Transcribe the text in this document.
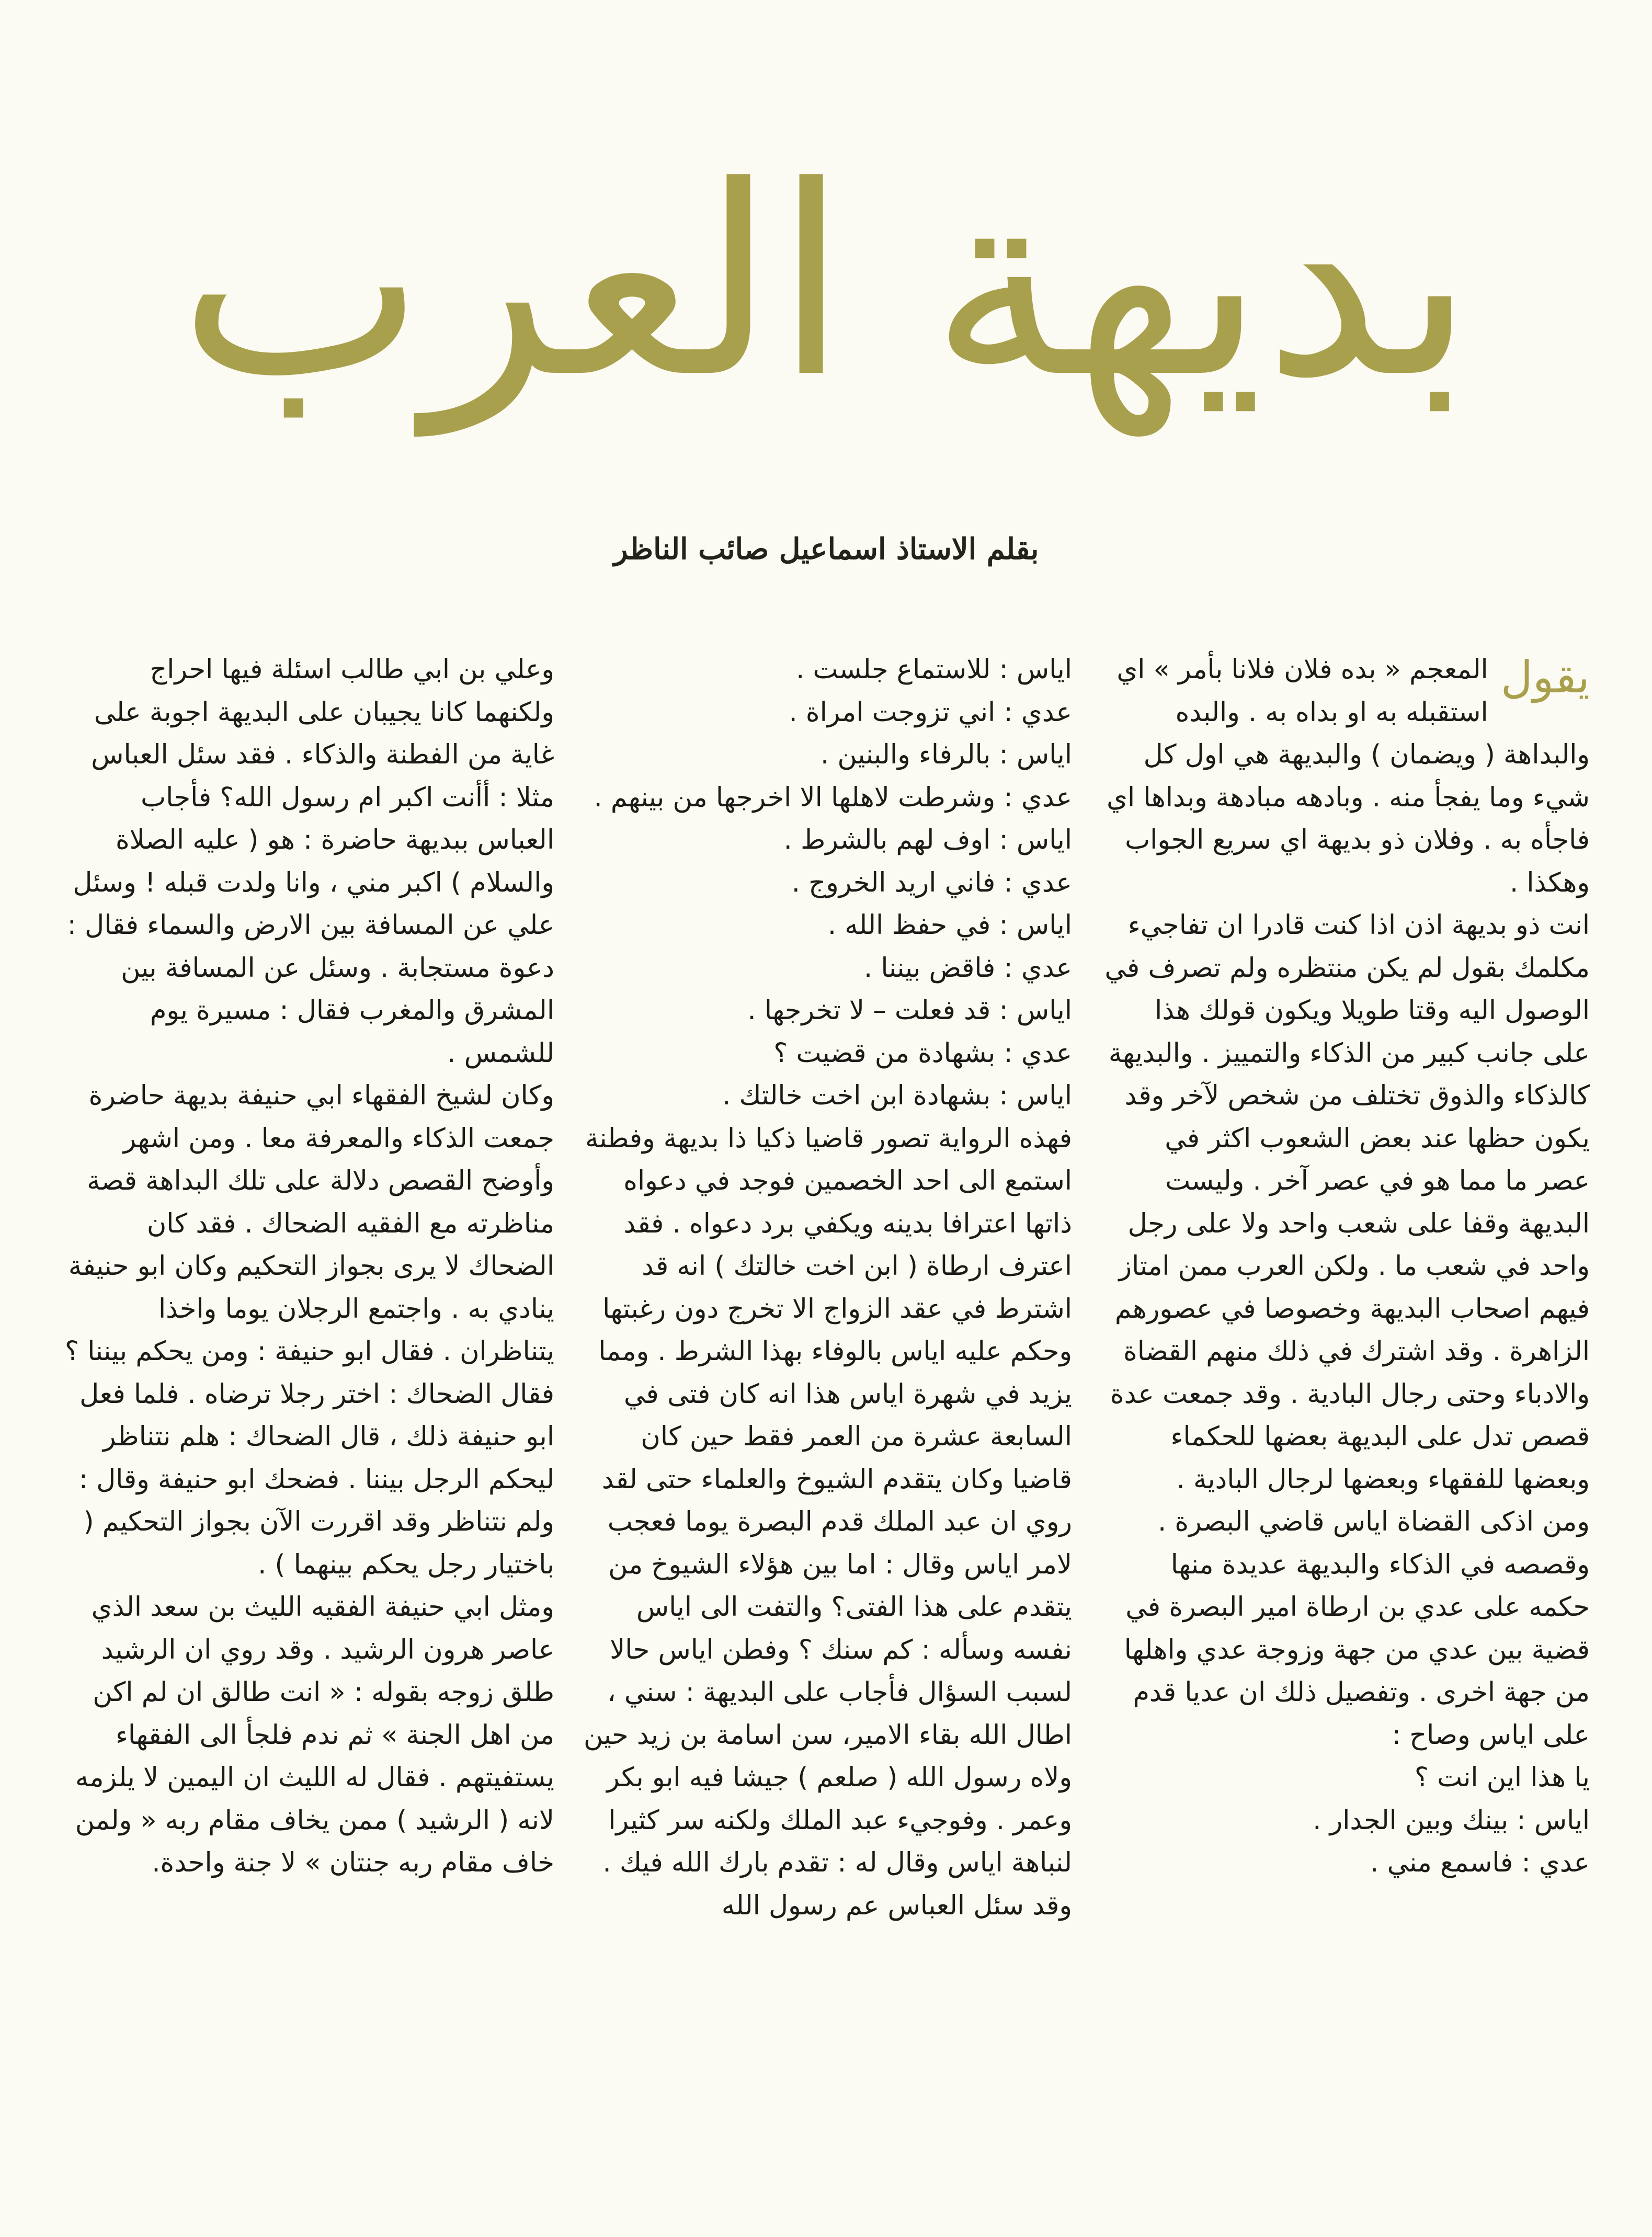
بديهة العرب
بقلم الاستاذ اسماعيل صائب الناظر
يقول

المعجم « بده فلان فلانا بأمر » اي استقبله به او بداه به . والبده والبداهة ( ويضمان ) والبديهة هي اول كل شيء وما يفجأ منه . وبادهه مبادهة وبداها اي فاجأه به . وفلان ذو بديهة اي سريع الجواب وهكذا .

انت ذو بديهة اذن اذا كنت قادرا ان تفاجيء مكلمك بقول لم يكن منتظره ولم تصرف في الوصول اليه وقتا طويلا ويكون قولك هذا على جانب كبير من الذكاء والتمييز . والبديهة كالذكاء والذوق تختلف من شخص لآخر وقد يكون حظها عند بعض الشعوب اكثر في عصر ما مما هو في عصر آخر . وليست البديهة وقفا على شعب واحد ولا على رجل واحد في شعب ما . ولكن العرب ممن امتاز فيهم اصحاب البديهة وخصوصا في عصورهم الزاهرة . وقد اشترك في ذلك منهم القضاة والادباء وحتى رجال البادية . وقد جمعت عدة قصص تدل على البديهة بعضها للحكماء وبعضها للفقهاء وبعضها لرجال البادية .

ومن اذكى القضاة اياس قاضي البصرة . وقصصه في الذكاء والبديهة عديدة منها حكمه على عدي بن ارطاة امير البصرة في قضية بين عدي من جهة وزوجة عدي واهلها من جهة اخرى . وتفصيل ذلك ان عديا قدم على اياس وصاح :

يا هذا اين انت ؟

اياس : بينك وبين الجدار .

عدي : فاسمع مني .

اياس : للاستماع جلست .

عدي : اني تزوجت امراة .

اياس : بالرفاء والبنين .

عدي : وشرطت لاهلها الا اخرجها من بينهم .

اياس : اوف لهم بالشرط .

عدي : فاني اريد الخروج .

اياس : في حفظ الله .

عدي : فاقض بيننا .

اياس : قد فعلت – لا تخرجها .

عدي : بشهادة من قضيت ؟

اياس : بشهادة ابن اخت خالتك .

فهذه الرواية تصور قاضيا ذكيا ذا بديهة وفطنة استمع الى احد الخصمين فوجد في دعواه ذاتها اعترافا بدينه ويكفي برد دعواه . فقد اعترف ارطاة ( ابن اخت خالتك ) انه قد اشترط في عقد الزواج الا تخرج دون رغبتها وحكم عليه اياس بالوفاء بهذا الشرط . ومما يزيد في شهرة اياس هذا انه كان فتى في السابعة عشرة من العمر فقط حين كان قاضيا وكان يتقدم الشيوخ والعلماء حتى لقد روي ان عبد الملك قدم البصرة يوما فعجب لامر اياس وقال : اما بين هؤلاء الشيوخ من يتقدم على هذا الفتى؟ والتفت الى اياس نفسه وسأله : كم سنك ؟ وفطن اياس حالا لسبب السؤال فأجاب على البديهة : سني ، اطال الله بقاء الامير، سن اسامة بن زيد حين ولاه رسول الله ( صلعم ) جيشا فيه ابو بكر وعمر . وفوجيء عبد الملك ولكنه سر كثيرا لنباهة اياس وقال له : تقدم بارك الله فيك .

وقد سئل العباس عم رسول الله

وعلي بن ابي طالب اسئلة فيها احراج ولكنهما كانا يجيبان على البديهة اجوبة على غاية من الفطنة والذكاء . فقد سئل العباس مثلا : أأنت اكبر ام رسول الله؟ فأجاب العباس ببديهة حاضرة : هو ( عليه الصلاة والسلام ) اكبر مني ، وانا ولدت قبله ! وسئل علي عن المسافة بين الارض والسماء فقال : دعوة مستجابة . وسئل عن المسافة بين المشرق والمغرب فقال : مسيرة يوم للشمس .

وكان لشيخ الفقهاء ابي حنيفة بديهة حاضرة جمعت الذكاء والمعرفة معا . ومن اشهر وأوضح القصص دلالة على تلك البداهة قصة مناظرته مع الفقيه الضحاك . فقد كان الضحاك لا يرى بجواز التحكيم وكان ابو حنيفة ينادي به . واجتمع الرجلان يوما واخذا يتناظران . فقال ابو حنيفة : ومن يحكم بيننا ؟ فقال الضحاك : اختر رجلا ترضاه . فلما فعل ابو حنيفة ذلك ، قال الضحاك : هلم نتناظر ليحكم الرجل بيننا . فضحك ابو حنيفة وقال : ولم نتناظر وقد اقررت الآن بجواز التحكيم ( باختيار رجل يحكم بينهما ) .

ومثل ابي حنيفة الفقيه الليث بن سعد الذي عاصر هرون الرشيد . وقد روي ان الرشيد طلق زوجه بقوله : « انت طالق ان لم اكن من اهل الجنة » ثم ندم فلجأ الى الفقهاء يستفيتهم . فقال له الليث ان اليمين لا يلزمه لانه ( الرشيد ) ممن يخاف مقام ربه « ولمن خاف مقام ربه جنتان » لا جنة واحدة.
